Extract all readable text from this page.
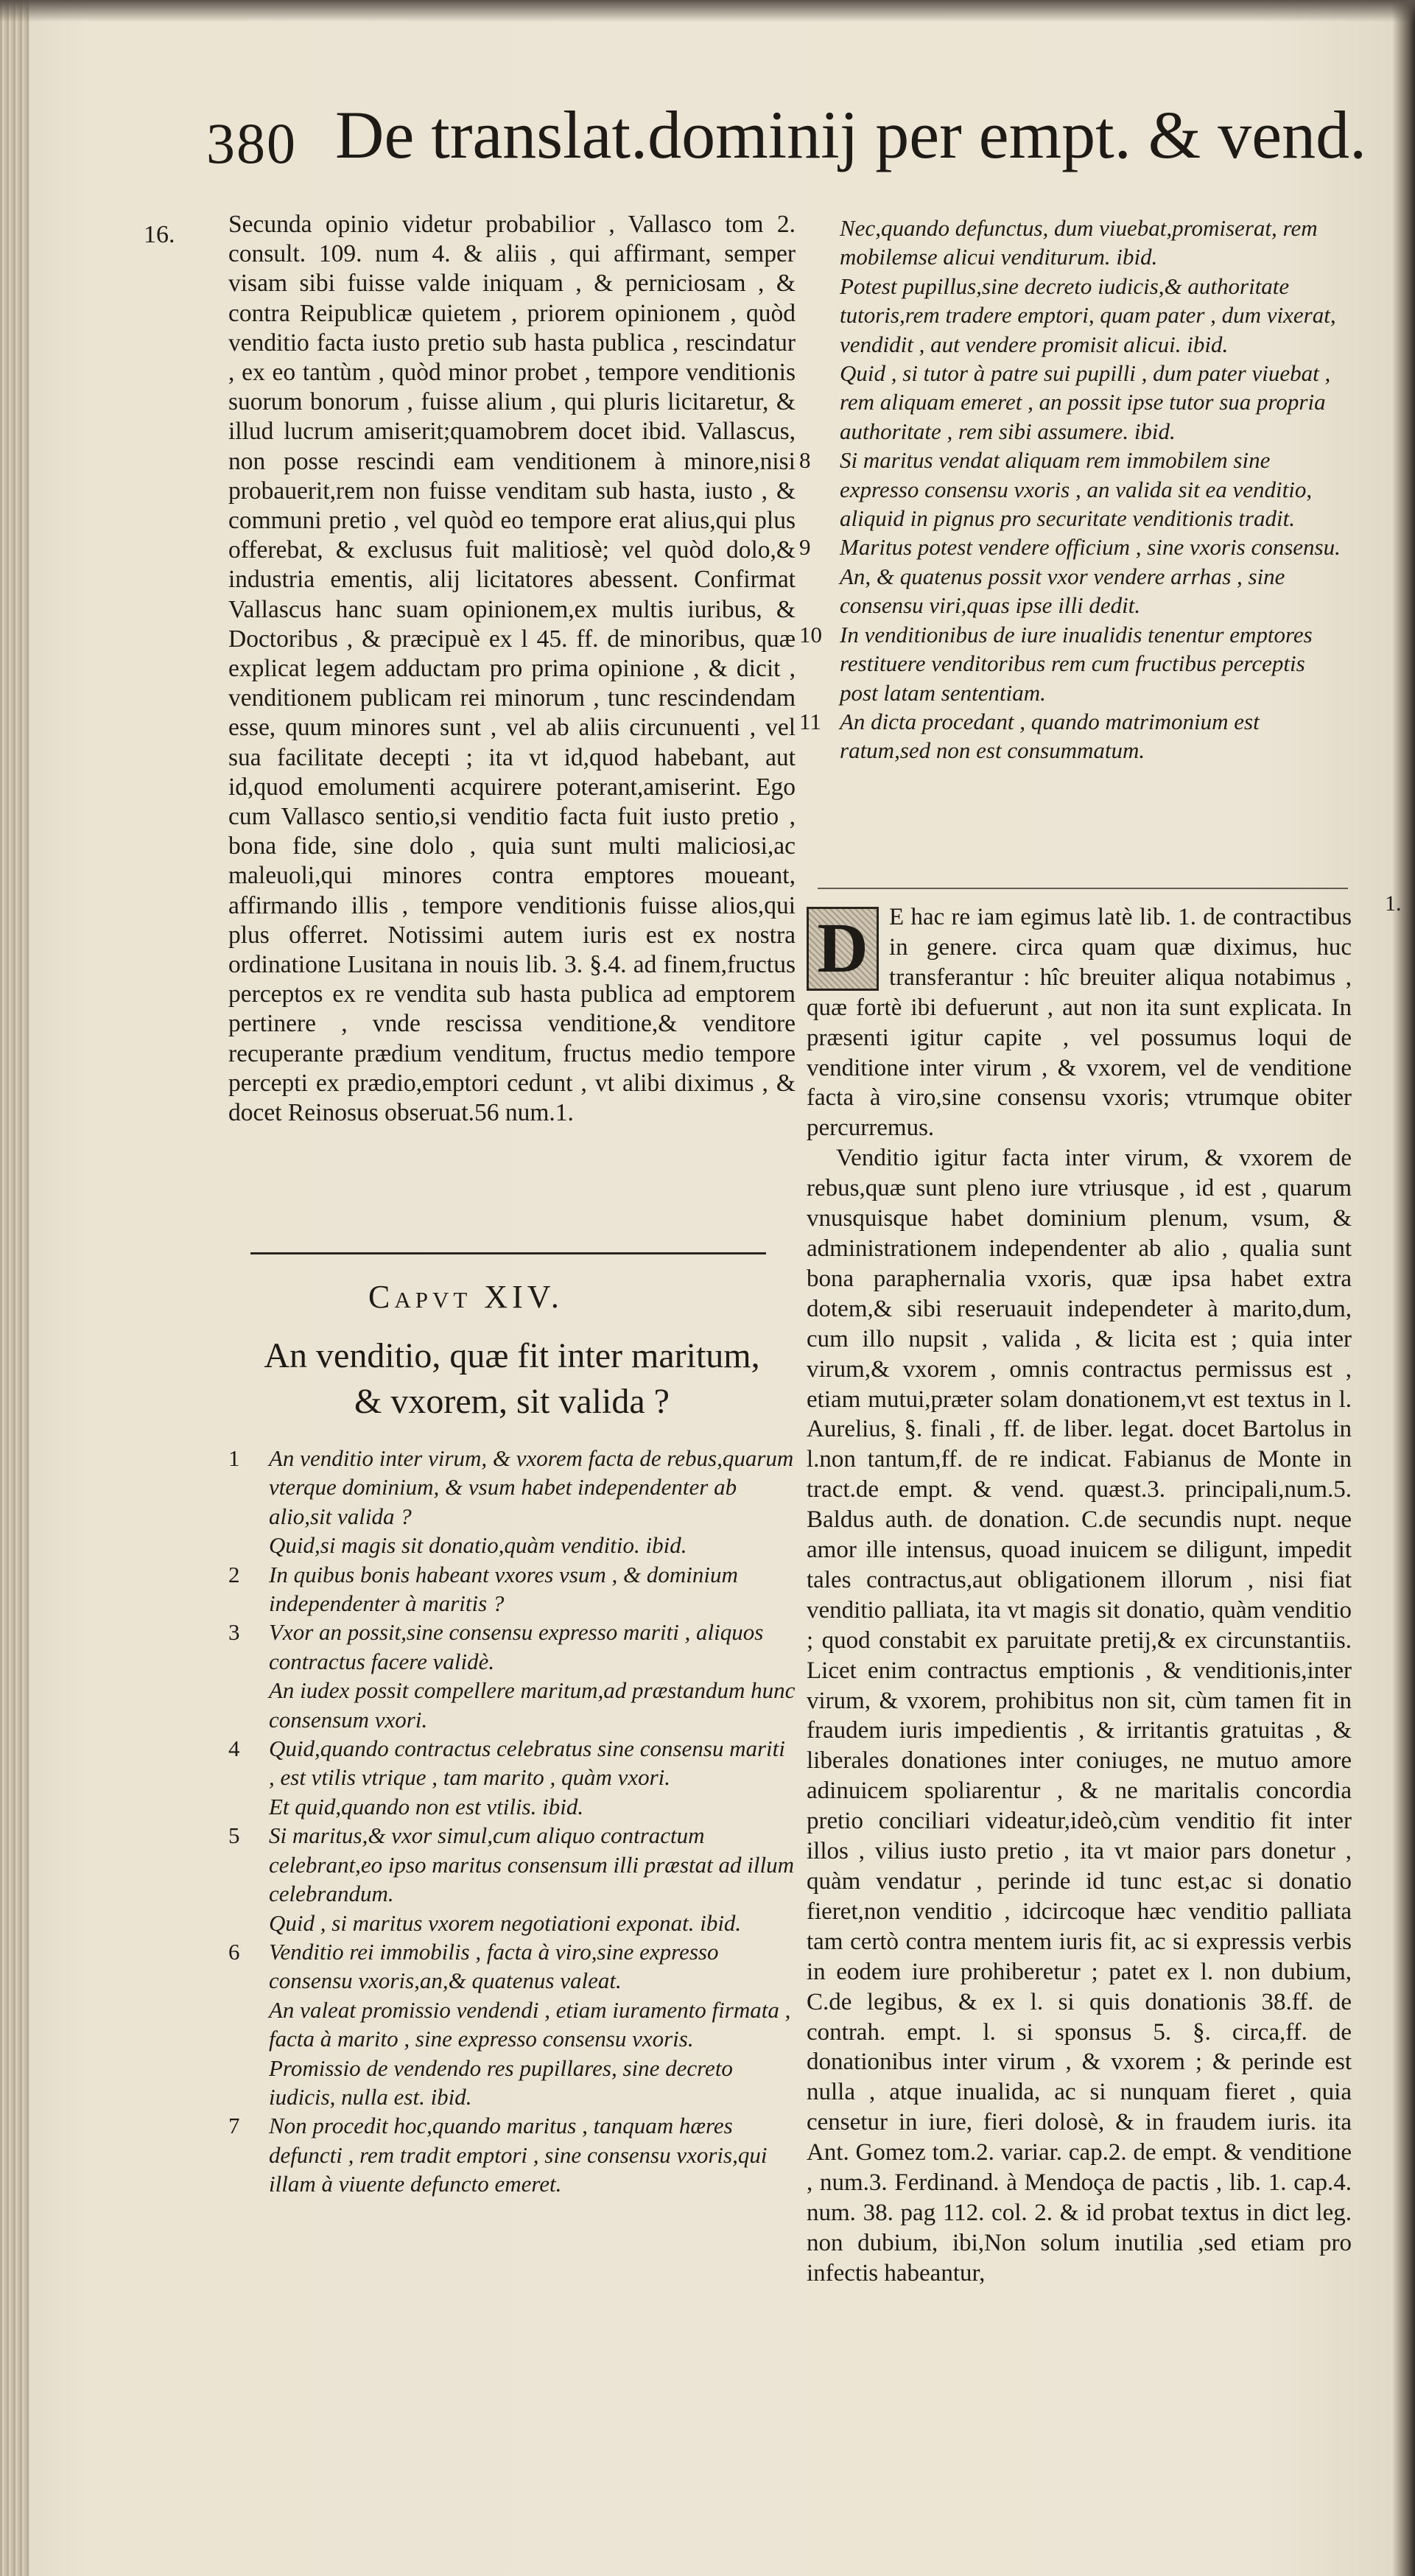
380 De translat.dominij per empt. & vend.
16. Secunda opinio videtur probabilior , Vallasco tom 2. consult. 109. num 4. & aliis , qui affirmant, semper visam sibi fuisse valde iniquam , & perniciosam , & contra Reipublicæ quietem , priorem opinionem , quòd venditio facta iusto pretio sub hasta publica , rescindatur , ex eo tantùm , quòd minor probet , tempore venditionis suorum bonorum , fuisse alium , qui pluris licitaretur, & illud lucrum amiserit;quamobrem docet ibid. Vallascus, non posse rescindi eam venditionem à minore,nisi probauerit,rem non fuisse venditam sub hasta, iusto , & communi pretio , vel quòd eo tempore erat alius,qui plus offerebat, & exclusus fuit malitiosè; vel quòd dolo,& industria ementis, alij licitatores abessent. Confirmat Vallascus hanc suam opinionem,ex multis iuribus, & Doctoribus , & præcipuè ex l 45. ff. de minoribus, quæ explicat legem adductam pro prima opinione , & dicit , venditionem publicam rei minorum , tunc rescindendam esse, quum minores sunt , vel ab aliis circunuenti , vel sua facilitate decepti ; ita vt id,quod habebant, aut id,quod emolumenti acquirere poterant,amiserint. Ego cum Vallasco sentio,si venditio facta fuit iusto pretio , bona fide, sine dolo , quia sunt multi maliciosi,ac maleuoli,qui minores contra emptores moueant, affirmando illis , tempore venditionis fuisse alios,qui plus offerret. Notissimi autem iuris est ex nostra ordinatione Lusitana in nouis lib. 3. §.4. ad finem,fructus perceptos ex re vendita sub hasta publica ad emptorem pertinere , vnde rescissa venditione,& venditore recuperante prædium venditum, fructus medio tempore percepti ex prædio,emptori cedunt , vt alibi diximus , & docet Reinosus obseruat.56 num.1.

Capvt XIV.
An venditio, quæ fit inter maritum,
& vxorem, sit valida ?

1 An venditio inter virum, & vxorem facta de rebus,quarum vterque dominium, & vsum habet independenter ab alio,sit valida ?

Quid,si magis sit donatio,quàm venditio. ibid.

2 In quibus bonis habeant vxores vsum , & dominium independenter à maritis ?

3 Vxor an possit,sine consensu expresso mariti , aliquos contractus facere validè.

An iudex possit compellere maritum,ad præstandum hunc consensum vxori.

4 Quid,quando contractus celebratus sine consensu mariti , est vtilis vtrique , tam marito , quàm vxori.

Et quid,quando non est vtilis. ibid.

5 Si maritus,& vxor simul,cum aliquo contractum celebrant,eo ipso maritus consensum illi præstat ad illum celebrandum.

Quid , si maritus vxorem negotiationi exponat. ibid.

6 Venditio rei immobilis , facta à viro,sine expresso consensu vxoris,an,& quatenus valeat.

An valeat promissio vendendi , etiam iuramento firmata , facta à marito , sine expresso consensu vxoris.

Promissio de vendendo res pupillares, sine decreto iudicis, nulla est. ibid.

7 Non procedit hoc,quando maritus , tanquam hæres defuncti , rem tradit emptori , sine consensu vxoris,qui illam à viuente defuncto emeret.

Nec,quando defunctus, dum viuebat,promiserat, rem mobilemse alicui venditurum. ibid.

Potest pupillus,sine decreto iudicis,& authoritate tutoris,rem tradere emptori, quam pater , dum vixerat, vendidit , aut vendere promisit alicui. ibid.

Quid , si tutor à patre sui pupilli , dum pater viuebat , rem aliquam emeret , an possit ipse tutor sua propria authoritate , rem sibi assumere. ibid.

8 Si maritus vendat aliquam rem immobilem sine expresso consensu vxoris , an valida sit ea venditio, aliquid in pignus pro securitate venditionis tradit.

9 Maritus potest vendere officium , sine vxoris consensu.

An, & quatenus possit vxor vendere arrhas , sine consensu viri,quas ipse illi dedit.

10 In venditionibus de iure inualidis tenentur emptores restituere venditoribus rem cum fructibus perceptis post latam sententiam.

11 An dicta procedant , quando matrimonium est ratum,sed non est consummatum.

1.

D E hac re iam egimus latè lib. 1. de contractibus in genere. circa quam quæ diximus, huc transferantur : hîc breuiter aliqua notabimus , quæ fortè ibi defuerunt , aut non ita sunt explicata. In præsenti igitur capite , vel possumus loqui de venditione inter virum , & vxorem, vel de venditione facta à viro,sine consensu vxoris; vtrumque obiter percurremus.

Venditio igitur facta inter virum, & vxorem de rebus,quæ sunt pleno iure vtriusque , id est , quarum vnusquisque habet dominium plenum, vsum, & administrationem independenter ab alio , qualia sunt bona paraphernalia vxoris, quæ ipsa habet extra dotem,& sibi reseruauit independeter à marito,dum, cum illo nupsit , valida , & licita est ; quia inter virum,& vxorem , omnis contractus permissus est , etiam mutui,præter solam donationem,vt est textus in l. Aurelius, §. finali , ff. de liber. legat. docet Bartolus in l.non tantum,ff. de re indicat. Fabianus de Monte in tract.de empt. & vend. quæst.3. principali,num.5. Baldus auth. de donation. C.de secundis nupt. neque amor ille intensus, quoad inuicem se diligunt, impedit tales contractus,aut obligationem illorum , nisi fiat venditio palliata, ita vt magis sit donatio, quàm venditio ; quod constabit ex paruitate pretij,& ex circunstantiis. Licet enim contractus emptionis , & venditionis,inter virum, & vxorem, prohibitus non sit, cùm tamen fit in fraudem iuris impedientis , & irritantis gratuitas , & liberales donationes inter coniuges, ne mutuo amore adinuicem spoliarentur , & ne maritalis concordia pretio conciliari videatur,ideò,cùm venditio fit inter illos , vilius iusto pretio , ita vt maior pars donetur , quàm vendatur , perinde id tunc est,ac si donatio fieret,non venditio , idcircoque hæc venditio palliata tam certò contra mentem iuris fit, ac si expressis verbis in eodem iure prohiberetur ; patet ex l. non dubium, C.de legibus, & ex l. si quis donationis 38.ff. de contrah. empt. l. si sponsus 5. §. circa,ff. de donationibus inter virum , & vxorem ; & perinde est nulla , atque inualida, ac si nunquam fieret , quia censetur in iure, fieri dolosè, & in fraudem iuris. ita Ant. Gomez tom.2. variar. cap.2. de empt. & venditione , num.3. Ferdinand. à Mendoça de pactis , lib. 1. cap.4. num. 38. pag 112. col. 2. & id probat textus in dict leg. non dubium, ibi,Non solum inutilia ,sed etiam pro infectis habeantur,
